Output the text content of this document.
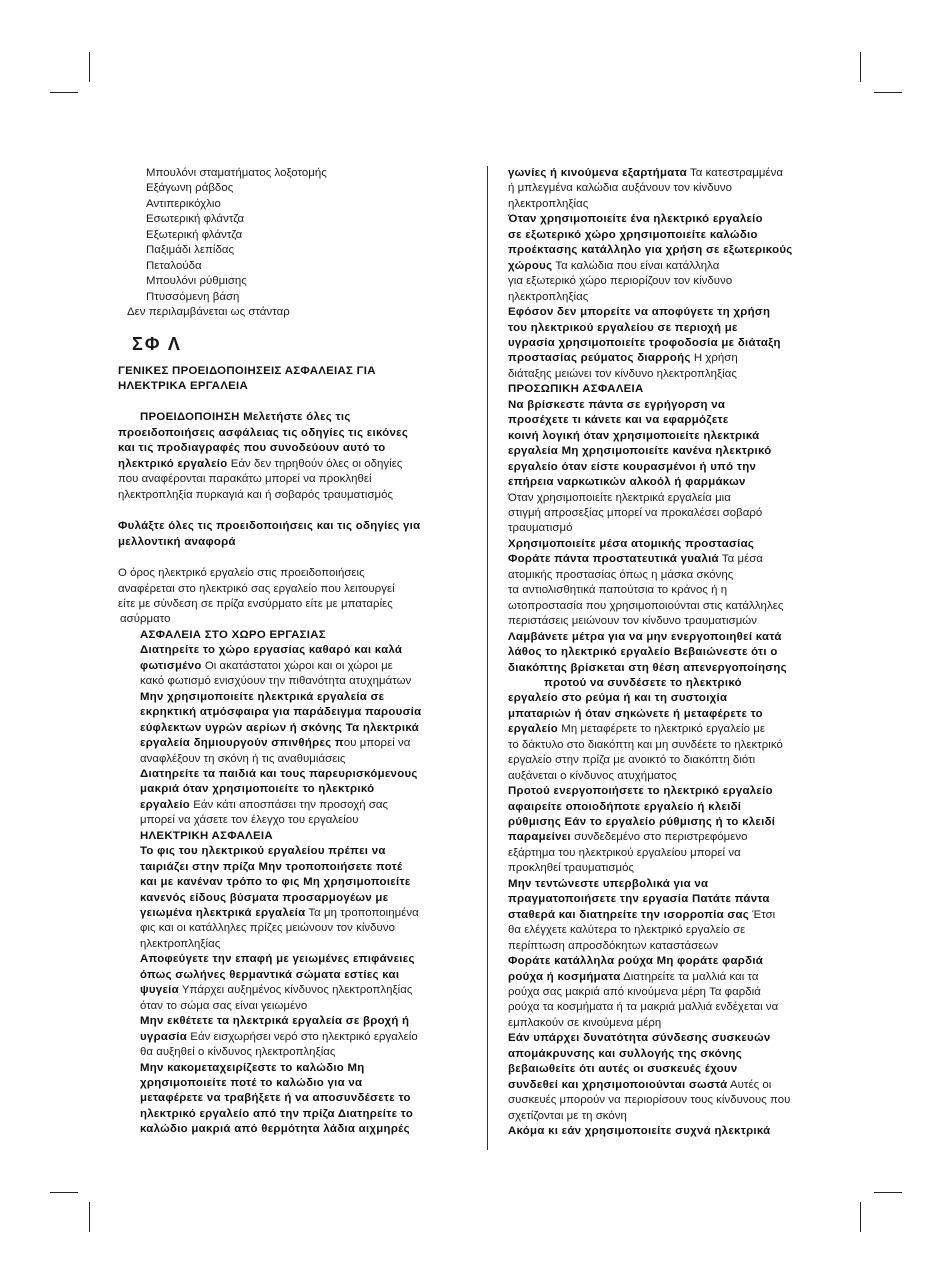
Μπουλόνι σταματήματος λοξοτομής
Εξάγωνη ράβδος
Αντιπερικόχλιο
Εσωτερική φλάντζα
Εξωτερική φλάντζα
Παξιμάδι λεπίδας
Πεταλούδα
Μπουλόνι ρύθμισης
Πτυσσόμενη βάση
Δεν περιλαμβάνεται ως στάνταρ
ΣΦ Λ
ΓΕΝΙΚΕΣ ΠΡΟΕΙΔΟΠΟΙΗΣΕΙΣ ΑΣΦΑΛΕΙΑΣ ΓΙΑ
ΗΛΕΚΤΡΙΚΑ ΕΡΓΑΛΕΙΑ
ΠΡΟΕΙΔΟΠΟΙΗΣΗ Μελετήστε όλες τις
προειδοποιήσεις ασφάλειας τις οδηγίες τις εικόνες
και τις προδιαγραφές που συνοδεύουν αυτό το
ηλεκτρικό εργαλείο Εάν δεν τηρηθούν όλες οι οδηγίες
που αναφέρονται παρακάτω μπορεί να προκληθεί
ηλεκτροπληξία πυρκαγιά και ή σοβαρός τραυματισμός
Φυλάξτε όλες τις προειδοποιήσεις και τις οδηγίες για
μελλοντική αναφορά
Ο όρος ηλεκτρικό εργαλείο στις προειδοποιήσεις
αναφέρεται στο ηλεκτρικό σας εργαλείο που λειτουργεί
είτε με σύνδεση σε πρίζα ενσύρματο είτε με μπαταρίες
ασύρματο
ΑΣΦΑΛΕΙΑ ΣΤΟ ΧΩΡΟ ΕΡΓΑΣΙΑΣ
Διατηρείτε το χώρο εργασίας καθαρό και καλά
φωτισμένο Οι ακατάστατοι χώροι και οι χώροι με
κακό φωτισμό ενισχύουν την πιθανότητα ατυχημάτων
Μην χρησιμοποιείτε ηλεκτρικά εργαλεία σε
εκρηκτική ατμόσφαιρα για παράδειγμα παρουσία
εύφλεκτων υγρών αερίων ή σκόνης Τα ηλεκτρικά
εργαλεία δημιουργούν σπινθήρες που μπορεί να
αναφλέξουν τη σκόνη ή τις αναθυμιάσεις
Διατηρείτε τα παιδιά και τους παρευρισκόμενους
μακριά όταν χρησιμοποιείτε το ηλεκτρικό
εργαλείο Εάν κάτι αποσπάσει την προσοχή σας
μπορεί να χάσετε τον έλεγχο του εργαλείου
ΗΛΕΚΤΡΙΚΗ ΑΣΦΑΛΕΙΑ
Το φις του ηλεκτρικού εργαλείου πρέπει να
ταιριάζει στην πρίζα Μην τροποποιήσετε ποτέ
και με κανέναν τρόπο το φις Μη χρησιμοποιείτε
κανενός είδους βύσματα προσαρμογέων με
γειωμένα ηλεκτρικά εργαλεία Τα μη τροποποιημένα
φις και οι κατάλληλες πρίζες μειώνουν τον κίνδυνο
ηλεκτροπληξίας
Αποφεύγετε την επαφή με γειωμένες επιφάνειες
όπως σωλήνες θερμαντικά σώματα εστίες και
ψυγεία Υπάρχει αυξημένος κίνδυνος ηλεκτροπληξίας
όταν το σώμα σας είναι γειωμένο
Μην εκθέτετε τα ηλεκτρικά εργαλεία σε βροχή ή
υγρασία Εάν εισχωρήσει νερό στο ηλεκτρικό εργαλείο
θα αυξηθεί ο κίνδυνος ηλεκτροπληξίας
Μην κακομεταχειρίζεστε το καλώδιο Μη
χρησιμοποιείτε ποτέ το καλώδιο για να
μεταφέρετε να τραβήξετε ή να αποσυνδέσετε το
ηλεκτρικό εργαλείο από την πρίζα Διατηρείτε το
καλώδιο μακριά από θερμότητα λάδια αιχμηρές
γωνίες ή κινούμενα εξαρτήματα Τα κατεστραμμένα
ή μπλεγμένα καλώδια αυξάνουν τον κίνδυνο
ηλεκτροπληξίας
Όταν χρησιμοποιείτε ένα ηλεκτρικό εργαλείο
σε εξωτερικό χώρο χρησιμοποιείτε καλώδιο
προέκτασης κατάλληλο για χρήση σε εξωτερικούς
χώρους Τα καλώδια που είναι κατάλληλα
για εξωτερικό χώρο περιορίζουν τον κίνδυνο
ηλεκτροπληξίας
Εφόσον δεν μπορείτε να αποφύγετε τη χρήση
του ηλεκτρικού εργαλείου σε περιοχή με
υγρασία χρησιμοποιείτε τροφοδοσία με διάταξη
προστασίας ρεύματος διαρροής Η χρήση
διάταξης μειώνει τον κίνδυνο ηλεκτροπληξίας
ΠΡΟΣΩΠΙΚΗ ΑΣΦΑΛΕΙΑ
Να βρίσκεστε πάντα σε εγρήγορση να
προσέχετε τι κάνετε και να εφαρμόζετε
κοινή λογική όταν χρησιμοποιείτε ηλεκτρικά
εργαλεία Μη χρησιμοποιείτε κανένα ηλεκτρικό
εργαλείο όταν είστε κουρασμένοι ή υπό την
επήρεια ναρκωτικών αλκοόλ ή φαρμάκων
Όταν χρησιμοποιείτε ηλεκτρικά εργαλεία μια
στιγμή απροσεξίας μπορεί να προκαλέσει σοβαρό
τραυματισμό
Χρησιμοποιείτε μέσα ατομικής προστασίας
Φοράτε πάντα προστατευτικά γυαλιά Τα μέσα
ατομικής προστασίας όπως η μάσκα σκόνης
τα αντιολισθητικά παπούτσια το κράνος ή η
ωτοπροστασία που χρησιμοποιούνται στις κατάλληλες
περιστάσεις μειώνουν τον κίνδυνο τραυματισμών
Λαμβάνετε μέτρα για να μην ενεργοποιηθεί κατά
λάθος το ηλεκτρικό εργαλείο Βεβαιώνεστε ότι ο
διακόπτης βρίσκεται στη θέση απενεργοποίησης
προτού να συνδέσετε το ηλεκτρικό
εργαλείο στο ρεύμα ή και τη συστοιχία
μπαταριών ή όταν σηκώνετε ή μεταφέρετε το
εργαλείο Μη μεταφέρετε το ηλεκτρικό εργαλείο με
το δάκτυλο στο διακόπτη και μη συνδέετε το ηλεκτρικό
εργαλείο στην πρίζα με ανοικτό το διακόπτη διότι
αυξάνεται ο κίνδυνος ατυχήματος
Προτού ενεργοποιήσετε το ηλεκτρικό εργαλείο
αφαιρείτε οποιοδήποτε εργαλείο ή κλειδί
ρύθμισης Εάν το εργαλείο ρύθμισης ή το κλειδί
παραμείνει συνδεδεμένο στο περιστρεφόμενο
εξάρτημα του ηλεκτρικού εργαλείου μπορεί να
προκληθεί τραυματισμός
Μην τεντώνεστε υπερβολικά για να
πραγματοποιήσετε την εργασία Πατάτε πάντα
σταθερά και διατηρείτε την ισορροπία σας Έτσι
θα ελέγχετε καλύτερα το ηλεκτρικό εργαλείο σε
περίπτωση απροσδόκητων καταστάσεων
Φοράτε κατάλληλα ρούχα Μη φοράτε φαρδιά
ρούχα ή κοσμήματα Διατηρείτε τα μαλλιά και τα
ρούχα σας μακριά από κινούμενα μέρη Τα φαρδιά
ρούχα τα κοσμήματα ή τα μακριά μαλλιά ενδέχεται να
εμπλακούν σε κινούμενα μέρη
Εάν υπάρχει δυνατότητα σύνδεσης συσκευών
απομάκρυνσης και συλλογής της σκόνης
βεβαιωθείτε ότι αυτές οι συσκευές έχουν
συνδεθεί και χρησιμοποιούνται σωστά Αυτές οι
συσκευές μπορούν να περιορίσουν τους κίνδυνους που
σχετίζονται με τη σκόνη
Ακόμα κι εάν χρησιμοποιείτε συχνά ηλεκτρικά
